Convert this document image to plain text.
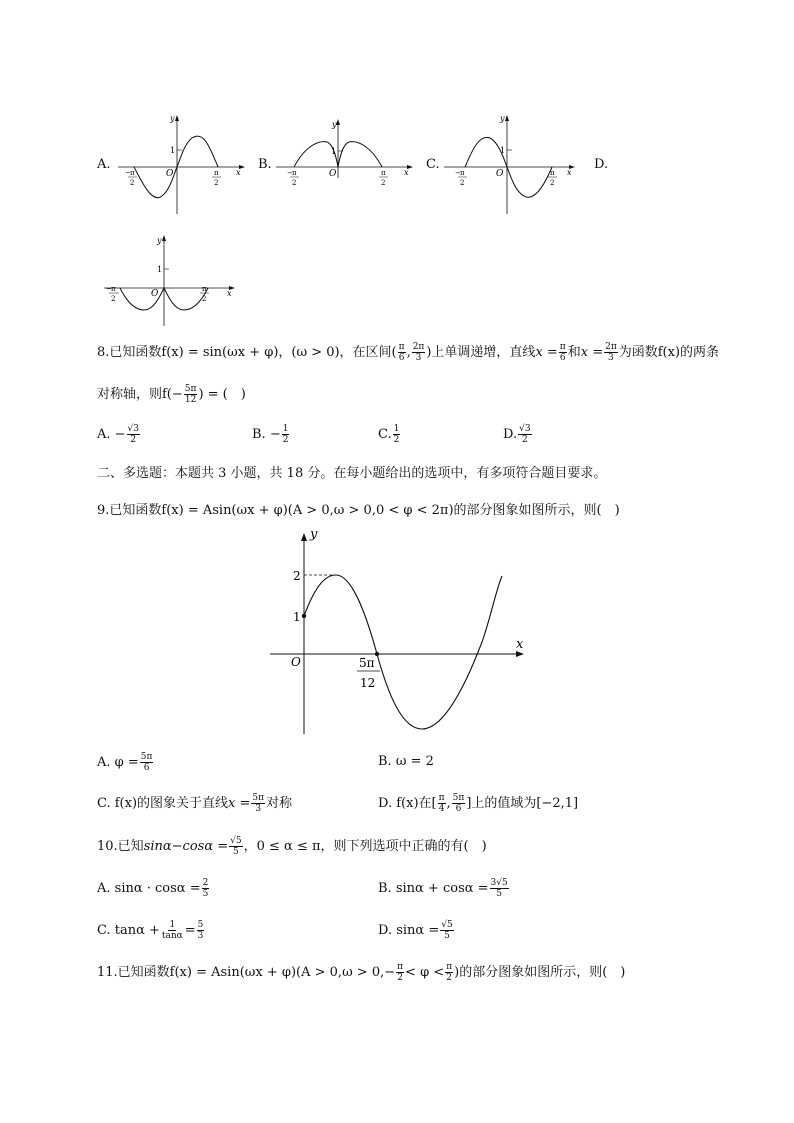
A.
y
x
O
1
− π
2
π
2
B.
y
x
O
1
− π
2
π
2
C.
y
x
O
1
− π
2
π
2
D.
y
x
O
1
− π
2
π
2
8.已知函数f(x) = sin(ωx + φ)，(ω > 0)，在区间( $\frac{\pi}{6}$ , $\frac{2\pi}{3}$ )上单调递增，直线$x = \frac{\pi}{6}$ 和$x = \frac{2\pi}{3}$ 为函数f(x)的两条
对称轴，则$f(- \frac{5\pi}{12}$ ) = (　)
A. − $\frac{√3}{2}$	B. − $\frac{1}{2}$	C. $\frac{1}{2}$	D. $\frac{√3}{2}$
二、多选题：本题共 3 小题，共 18 分。在每小题给出的选项中，有多项符合题目要求。
9.已知函数f(x) = Asin(ωx + φ)(A > 0,ω > 0,0 < φ < 2π)的部分图象如图所示，则(　)
y
x
O
2
1
5π
12
A. $\varphi = \frac{5\pi}{6}$	B. ω = 2
C. f(x)的图象关于直线$x = \frac{5\pi}{3}$ 对称	D. f(x)在[ $\frac{\pi}{4}$ , $\frac{5\pi}{6}$ ]上的值域为[−2,1]
10.已知$\sin\alpha-\cos\alpha = \frac{√5}{5}$ ，0 ≤ α ≤ π，则下列选项中正确的有(　)
A. $\sin\alpha \cdot \cos\alpha = \frac{2}{5}$	B. $\sin\alpha + \cos\alpha = \frac{3√5}{5}$
C. $\tan\alpha + \frac{1}{\tan\alpha} = \frac{5}{3}$	D. $\sin\alpha = \frac{√5}{5}$
11.已知函数$f(x) = Asin(\omega x + \varphi)(A > 0,\omega > 0,- \frac{\pi}{2} < \varphi < \frac{\pi}{2}$ )的部分图象如图所示，则(　)
